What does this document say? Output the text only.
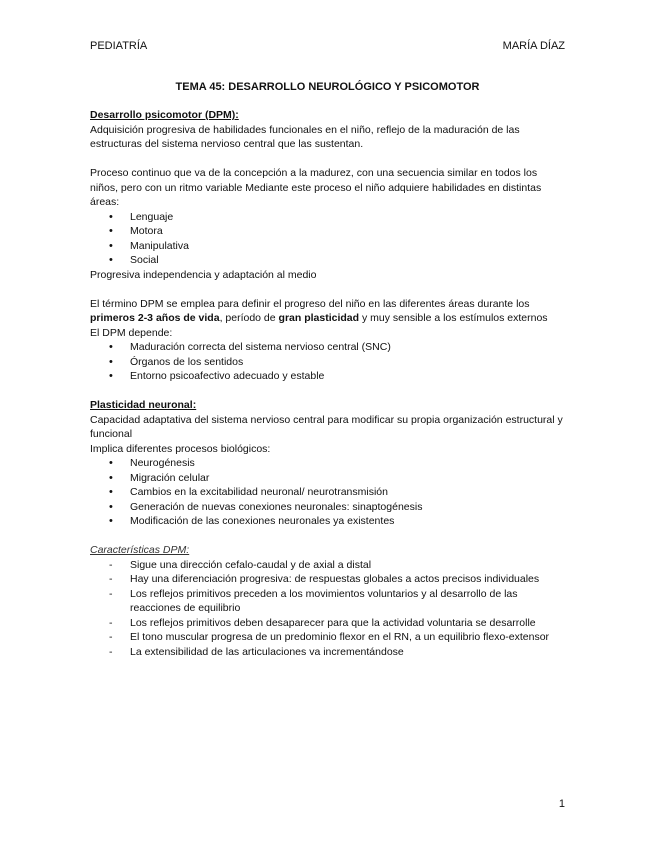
PEDIATRÍA	MARÍA DÍAZ
TEMA 45: DESARROLLO NEUROLÓGICO Y PSICOMOTOR
Desarrollo psicomotor (DPM):

Adquisición progresiva de habilidades funcionales en el niño, reflejo de la maduración de las estructuras del sistema nervioso central que las sustentan.

Proceso continuo que va de la concepción a la madurez, con una secuencia similar en todos los niños, pero con un ritmo variable Mediante este proceso el niño adquiere habilidades en distintas áreas:

• Lenguaje
• Motora
• Manipulativa
• Social

Progresiva independencia y adaptación al medio

El término DPM se emplea para definir el progreso del niño en las diferentes áreas durante los primeros 2-3 años de vida, período de gran plasticidad y muy sensible a los estímulos externos

El DPM depende:

• Maduración correcta del sistema nervioso central (SNC)
• Órganos de los sentidos
• Entorno psicoafectivo adecuado y estable
Plasticidad neuronal:

Capacidad adaptativa del sistema nervioso central para modificar su propia organización estructural y funcional

Implica diferentes procesos biológicos:

• Neurogénesis
• Migración celular
• Cambios en la excitabilidad neuronal/ neurotransmisión
• Generación de nuevas conexiones neuronales: sinaptogénesis
• Modificación de las conexiones neuronales ya existentes
Características DPM:
- Sigue una dirección cefalo-caudal y de axial a distal
- Hay una diferenciación progresiva: de respuestas globales a actos precisos individuales
- Los reflejos primitivos preceden a los movimientos voluntarios y al desarrollo de las reacciones de equilibrio
- Los reflejos primitivos deben desaparecer para que la actividad voluntaria se desarrolle
- El tono muscular progresa de un predominio flexor en el RN, a un equilibrio flexo-extensor
- La extensibilidad de las articulaciones va incrementándose
1
